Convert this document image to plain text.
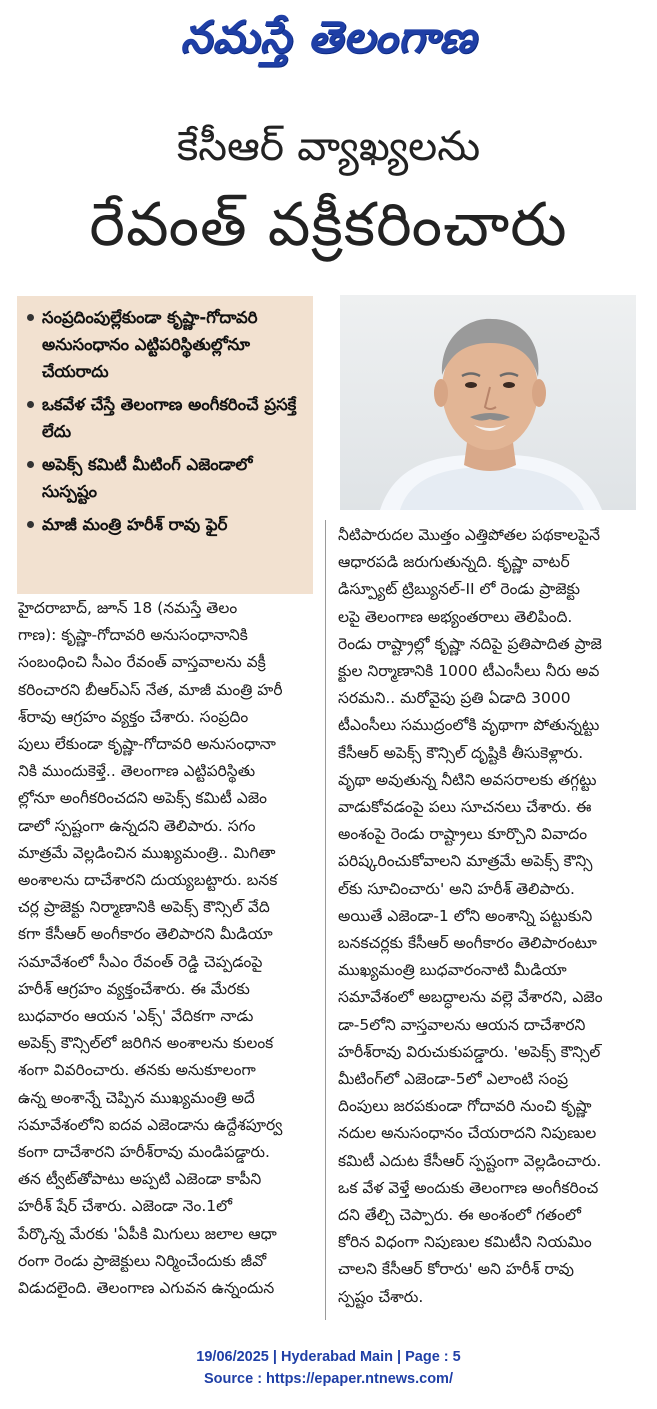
నమస్తే తెలంగాణ
కేసీఆర్ వ్యాఖ్యలను
రేవంత్ వక్రీకరించారు
సంప్రదింపుల్లేకుండా కృష్ణా-గోదావరి అనుసంధానం ఎట్టిపరిస్థితుల్లోనూ చేయరాదు
ఒకవేళ చేస్తే తెలంగాణ అంగీకరించే ప్రసక్తే లేదు
అపెక్స్ కమిటీ మీటింగ్ ఎజెండాలో సుస్పష్టం
మాజీ మంత్రి హరీశ్ రావు ఫైర్
హైదరాబాద్, జూన్ 18 (నమస్తే తెలం
గాణ): కృష్ణా-గోదావరి అనుసంధానానికి
సంబంధించి సీఎం రేవంత్ వాస్తవాలను వక్రీ
కరించారని బీఆర్ఎస్ నేత, మాజీ మంత్రి హరీ
శ్‌రావు ఆగ్రహం వ్యక్తం చేశారు. సంప్రదిం
పులు లేకుండా కృష్ణా-గోదావరి అనుసంధానా
నికి ముందుకెళ్తే.. తెలంగాణ ఎట్టిపరిస్థితు
ల్లోనూ అంగీకరించదని అపెక్స్ కమిటీ ఎజెం
డాలో స్పష్టంగా ఉన్నదని తెలిపారు. సగం
మాత్రమే వెల్లడించిన ముఖ్యమంత్రి.. మిగితా
అంశాలను దాచేశారని దుయ్యబట్టారు. బనక
చర్ల ప్రాజెక్టు నిర్మాణానికి అపెక్స్ కౌన్సిల్ వేది
కగా కేసీఆర్ అంగీకారం తెలిపారని మీడియా
సమావేశంలో సీఎం రేవంత్ రెడ్డి చెప్పడంపై
హరీశ్ ఆగ్రహం వ్యక్తంచేశారు. ఈ మేరకు
బుధవారం ఆయన 'ఎక్స్' వేదికగా నాడు
అపెక్స్ కౌన్సిల్‌లో జరిగిన అంశాలను కులంక
శంగా వివరించారు. తనకు అనుకూలంగా
ఉన్న అంశాన్నే చెప్పిన ముఖ్యమంత్రి అదే
సమావేశంలోని ఐదవ ఎజెండాను ఉద్దేశపూర్వ
కంగా దాచేశారని హరీశ్‌రావు మండిపడ్డారు.
తన ట్వీట్‌తోపాటు అప్పటి ఎజెండా కాపీని
హరీశ్ షేర్ చేశారు. ఎజెండా నెం.1లో
పేర్కొన్న మేరకు 'ఏపీకి మిగులు జలాల ఆధా
రంగా రెండు ప్రాజెక్టులు నిర్మించేందుకు జీవో
విడుదలైంది. తెలంగాణ ఎగువన ఉన్నందున
నీటిపారుదల మొత్తం ఎత్తిపోతల పథకాలపైనే
ఆధారపడి జరుగుతున్నది. కృష్ణా వాటర్
డిస్ప్యూట్ ట్రిబ్యునల్-II లో రెండు ప్రాజెక్టు
లపై తెలంగాణ అభ్యంతరాలు తెలిపింది.
రెండు రాష్ట్రాల్లో కృష్ణా నదిపై ప్రతిపాదిత ప్రాజె
క్టుల నిర్మాణానికి 1000 టీఎంసీలు నీరు అవ
సరమని.. మరోవైపు ప్రతి ఏడాది 3000
టీఎంసీలు సముద్రంలోకి వృథాగా పోతున్నట్టు
కేసీఆర్ అపెక్స్ కౌన్సిల్ దృష్టికి తీసుకెళ్లారు.
వృథా అవుతున్న నీటిని అవసరాలకు తగ్గట్టు
వాడుకోవడంపై పలు సూచనలు చేశారు. ఈ
అంశంపై రెండు రాష్ట్రాలు కూర్చొని వివాదం
పరిష్కరించుకోవాలని మాత్రమే అపెక్స్ కౌన్సి
ల్‌కు సూచించారు' అని హరీశ్ తెలిపారు.
అయితే ఎజెండా-1 లోని అంశాన్ని పట్టుకుని
బనకచర్లకు కేసీఆర్ అంగీకారం తెలిపారంటూ
ముఖ్యమంత్రి బుధవారంనాటి మీడియా
సమావేశంలో అబద్ధాలను వల్లె వేశారని, ఎజెం
డా-5లోని వాస్తవాలను ఆయన దాచేశారని
హరీశ్‌రావు విరుచుకుపడ్డారు. 'అపెక్స్ కౌన్సిల్
మీటింగ్‌లో ఎజెండా-5లో ఎలాంటి సంప్ర
దింపులు జరపకుండా గోదావరి నుంచి కృష్ణా
నదుల అనుసంధానం చేయరాదని నిపుణుల
కమిటీ ఎదుట కేసీఆర్ స్పష్టంగా వెల్లడించారు.
ఒక వేళ వెళ్తే అందుకు తెలంగాణ అంగీకరించ
దని తేల్చి చెప్పారు. ఈ అంశంలో గతంలో
కోరిన విధంగా నిపుణుల కమిటీని నియమిం
చాలని కేసీఆర్ కోరారు' అని హరీశ్ రావు
స్పష్టం చేశారు.
19/06/2025 | Hyderabad Main | Page : 5
Source : https://epaper.ntnews.com/
